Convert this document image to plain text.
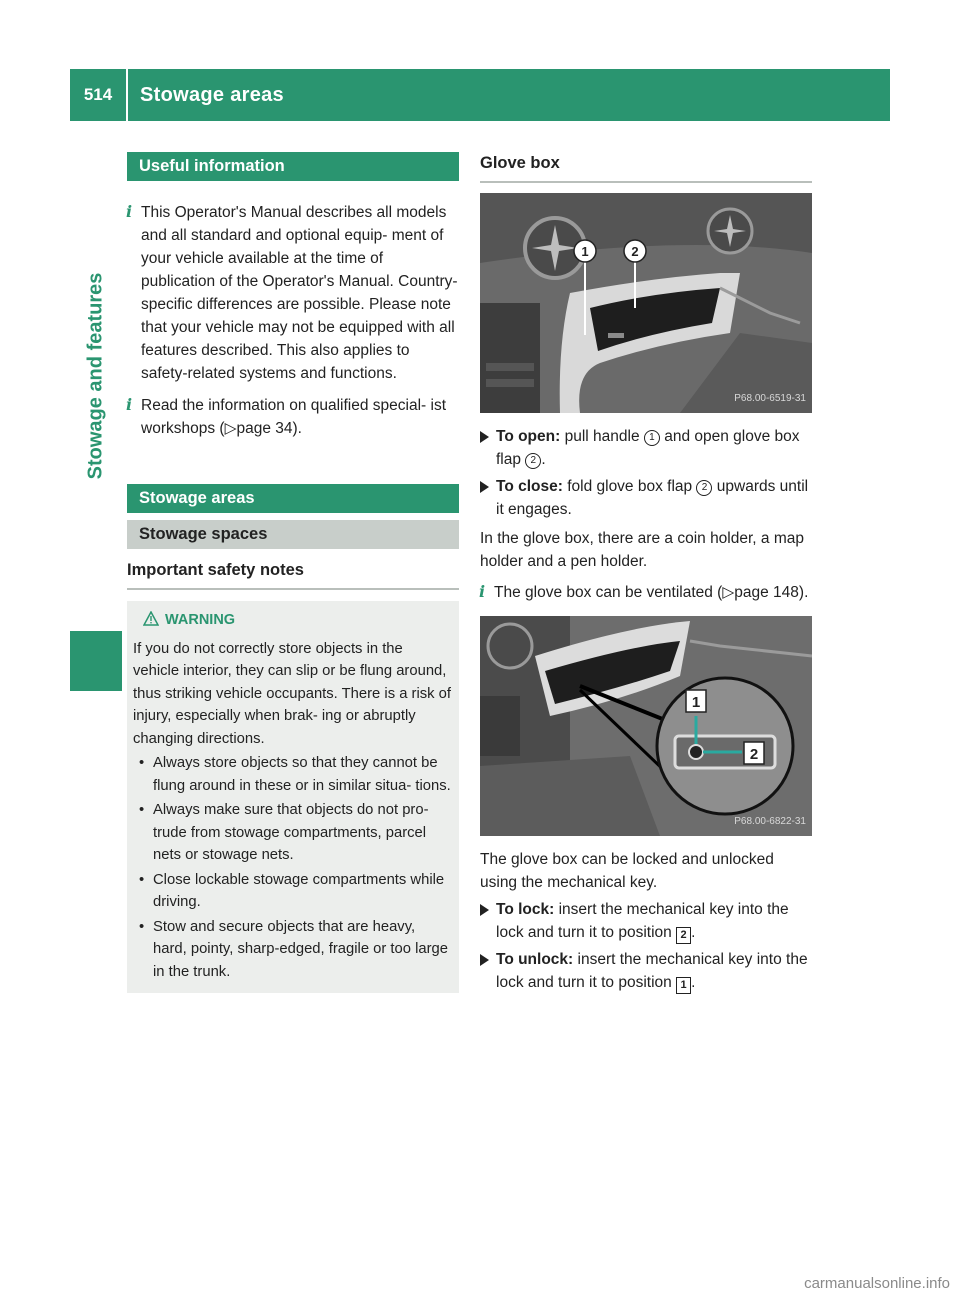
514	Stowage areas
Stowage and features
Useful information
i This Operator's Manual describes all models and all standard and optional equip- ment of your vehicle available at the time of publication of the Operator's Manual. Country-specific differences are possible. Please note that your vehicle may not be equipped with all features described. This also applies to safety-related systems and functions.
i Read the information on qualified special- ist workshops (▷page 34).
Stowage areas
Stowage spaces
Important safety notes
WARNING
If you do not correctly store objects in the vehicle interior, they can slip or be flung around, thus striking vehicle occupants. There is a risk of injury, especially when brak- ing or abruptly changing directions.
• Always store objects so that they cannot be flung around in these or in similar situa- tions.
• Always make sure that objects do not pro- trude from stowage compartments, parcel nets or stowage nets.
• Close lockable stowage compartments while driving.
• Stow and secure objects that are heavy, hard, pointy, sharp-edged, fragile or too large in the trunk.
Glove box
1	2
P68.00-6519-31
To open: pull handle 1 and open glove box flap 2 .
To close: fold glove box flap 2 upwards until it engages.
In the glove box, there are a coin holder, a map holder and a pen holder.
i The glove box can be ventilated (▷page 148).
1
2
P68.00-6822-31
The glove box can be locked and unlocked using the mechanical key.
To lock: insert the mechanical key into the lock and turn it to position 2 .
To unlock: insert the mechanical key into the lock and turn it to position 1 .
carmanualsonline.info
